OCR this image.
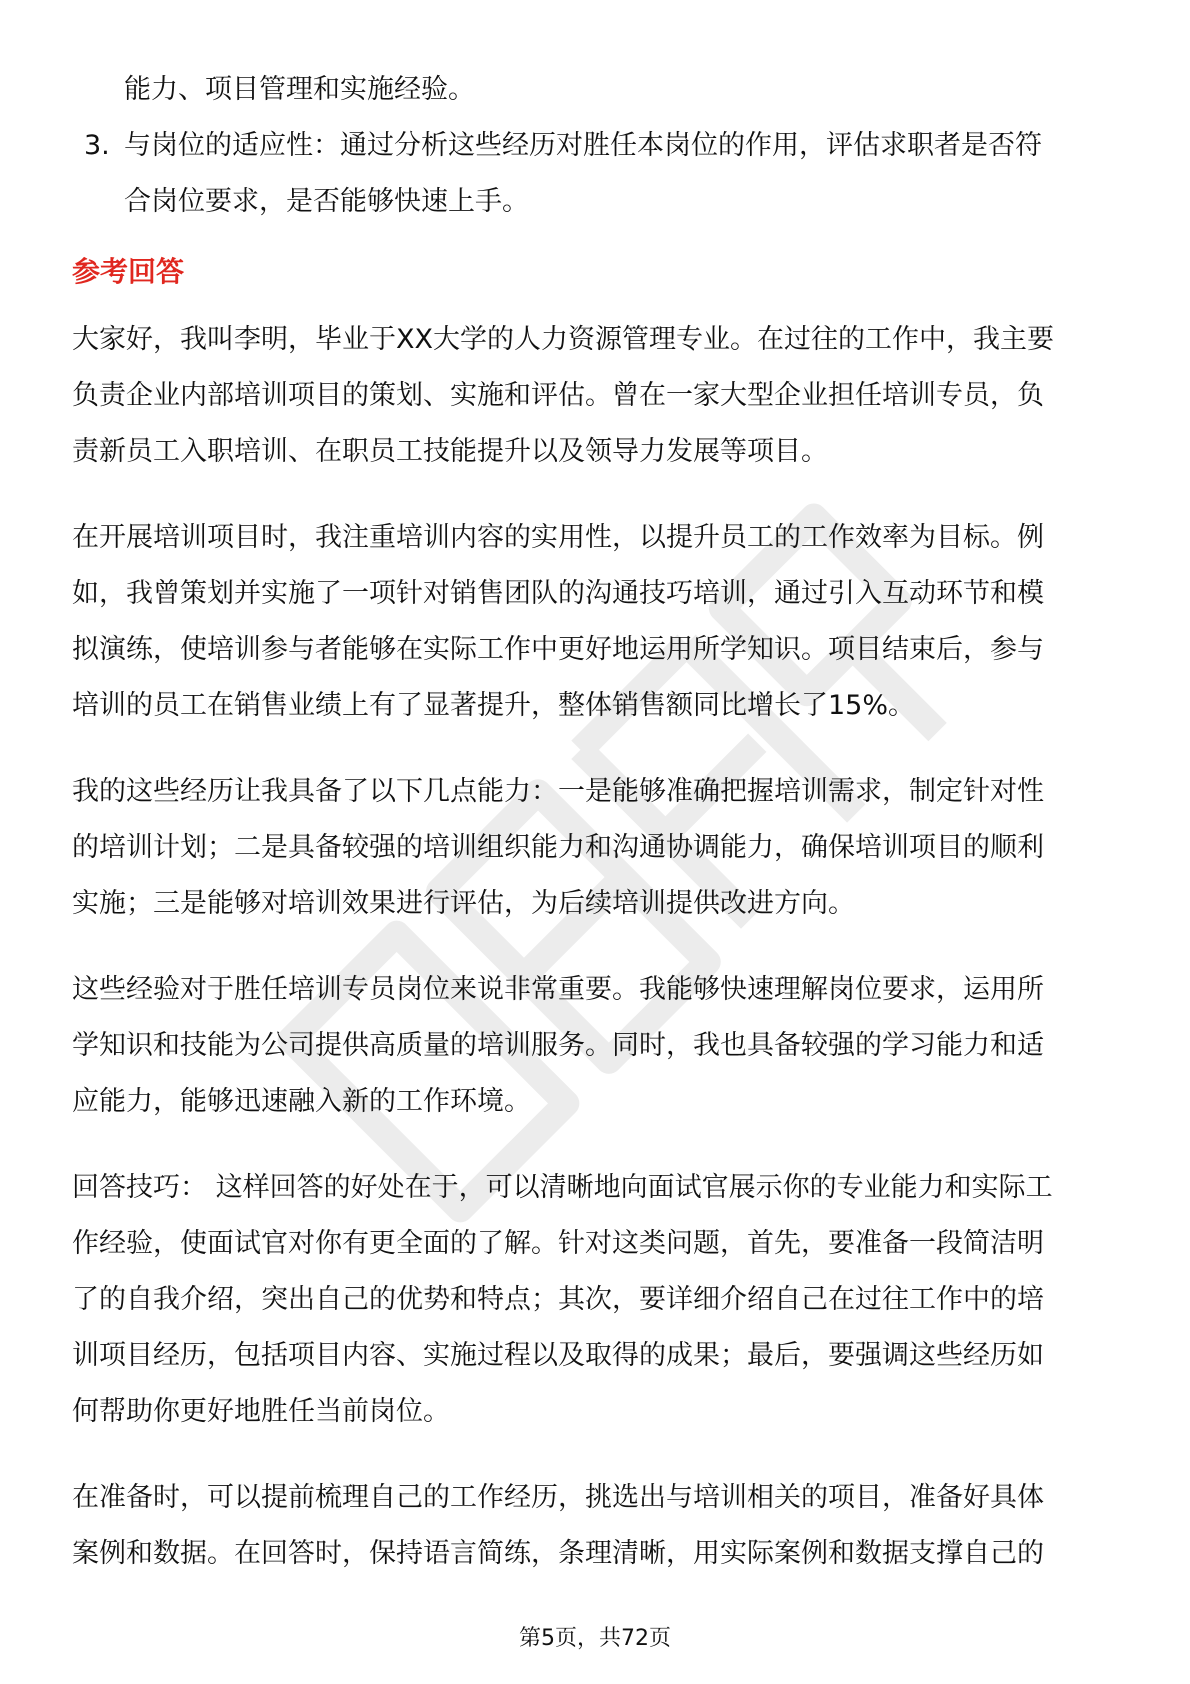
能力、项目管理和实施经验。

3. 与岗位的适应性：通过分析这些经历对胜任本岗位的作用，评估求职者是否符

合岗位要求，是否能够快速上手。

参考回答

大家好，我叫李明，毕业于XX大学的人力资源管理专业。在过往的工作中，我主要

负责企业内部培训项目的策划、实施和评估。曾在一家大型企业担任培训专员，负

责新员工入职培训、在职员工技能提升以及领导力发展等项目。

在开展培训项目时，我注重培训内容的实用性，以提升员工的工作效率为目标。例

如，我曾策划并实施了一项针对销售团队的沟通技巧培训，通过引入互动环节和模

拟演练，使培训参与者能够在实际工作中更好地运用所学知识。项目结束后，参与

培训的员工在销售业绩上有了显著提升，整体销售额同比增长了15%。

我的这些经历让我具备了以下几点能力：一是能够准确把握培训需求，制定针对性

的培训计划；二是具备较强的培训组织能力和沟通协调能力，确保培训项目的顺利

实施；三是能够对培训效果进行评估，为后续培训提供改进方向。

这些经验对于胜任培训专员岗位来说非常重要。我能够快速理解岗位要求，运用所

学知识和技能为公司提供高质量的培训服务。同时，我也具备较强的学习能力和适

应能力，能够迅速融入新的工作环境。

回答技巧： 这样回答的好处在于，可以清晰地向面试官展示你的专业能力和实际工

作经验，使面试官对你有更全面的了解。针对这类问题，首先，要准备一段简洁明

了的自我介绍，突出自己的优势和特点；其次，要详细介绍自己在过往工作中的培

训项目经历，包括项目内容、实施过程以及取得的成果；最后，要强调这些经历如

何帮助你更好地胜任当前岗位。

在准备时，可以提前梳理自己的工作经历，挑选出与培训相关的项目，准备好具体

案例和数据。在回答时，保持语言简练，条理清晰，用实际案例和数据支撑自己的

第5页，共72页
